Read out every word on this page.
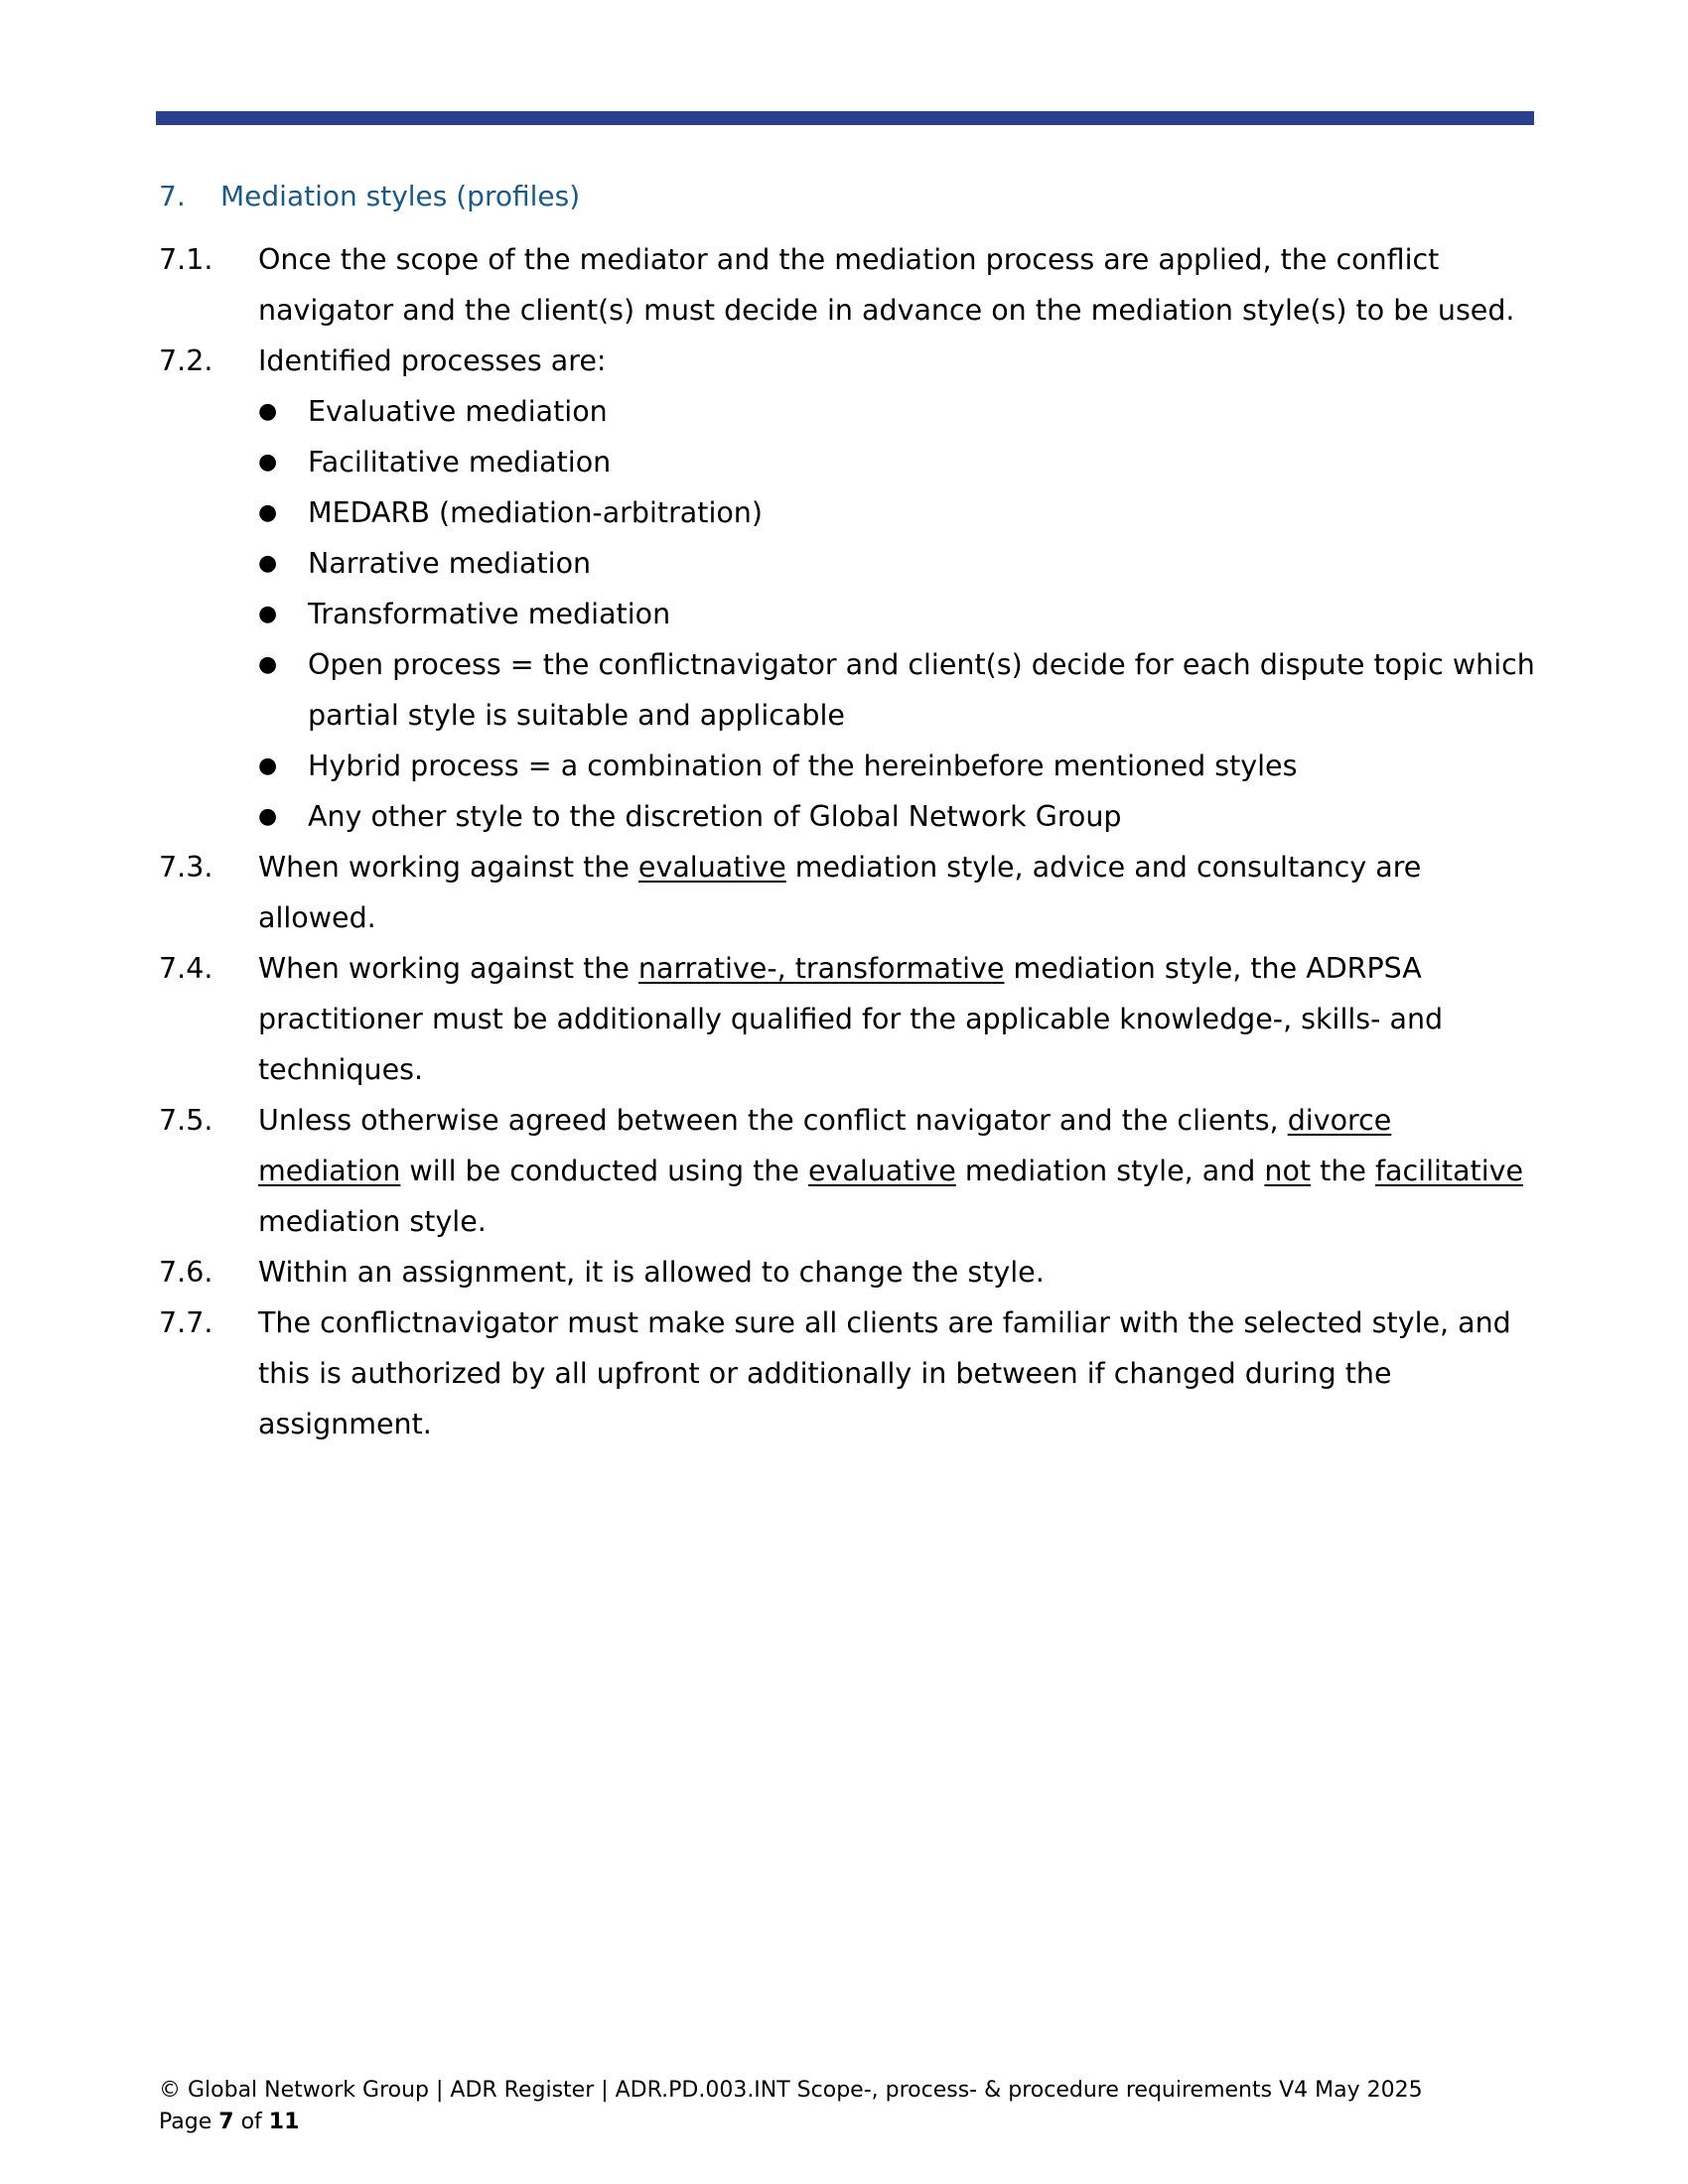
7. Mediation styles (profiles)
7.1.	Once the scope of the mediator and the mediation process are applied, the conflict navigator and the client(s) must decide in advance on the mediation style(s) to be used.
7.2.	Identified processes are:
●	Evaluative mediation
●	Facilitative mediation
●	MEDARB (mediation-arbitration)
●	Narrative mediation
●	Transformative mediation
●	Open process = the conflictnavigator and client(s) decide for each dispute topic which partial style is suitable and applicable
●	Hybrid process = a combination of the hereinbefore mentioned styles
●	Any other style to the discretion of Global Network Group
7.3.	When working against the evaluative mediation style, advice and consultancy are allowed.
7.4.	When working against the narrative-, transformative mediation style, the ADRPSA practitioner must be additionally qualified for the applicable knowledge-, skills- and techniques.
7.5.	Unless otherwise agreed between the conflict navigator and the clients, divorce mediation will be conducted using the evaluative mediation style, and not the facilitative mediation style.
7.6.	Within an assignment, it is allowed to change the style.
7.7.	The conflictnavigator must make sure all clients are familiar with the selected style, and this is authorized by all upfront or additionally in between if changed during the assignment.
© Global Network Group | ADR Register | ADR.PD.003.INT Scope-, process- & procedure requirements V4 May 2025
Page 7 of 11
